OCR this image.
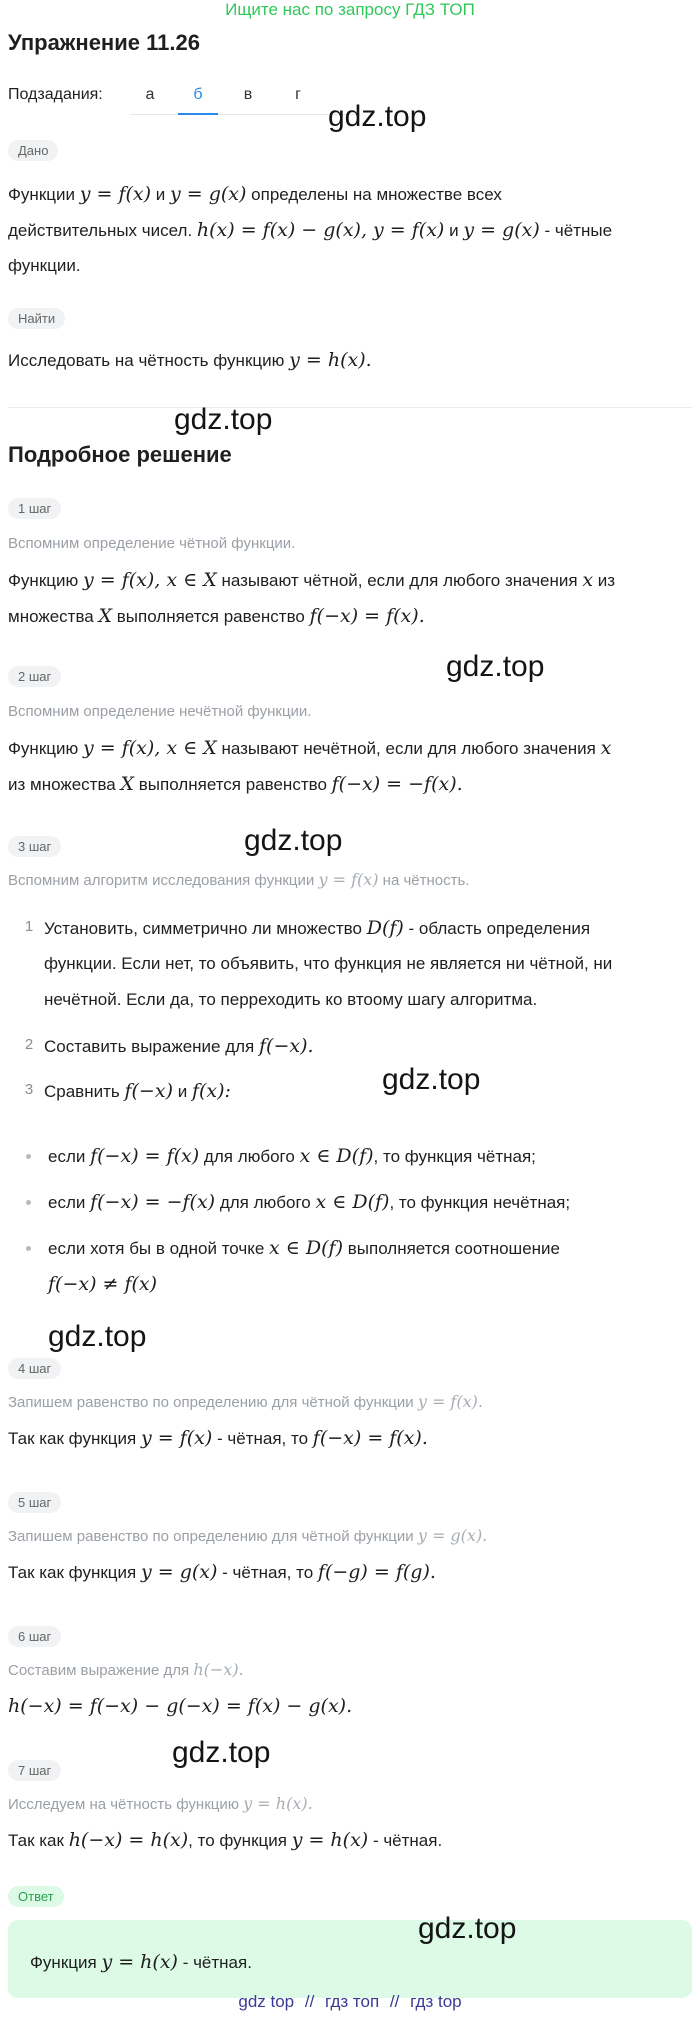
Ищите нас по запросу ГДЗ ТОП
Упражнение 11.26
Подзадания:	а	б	в	г
gdz.top
Дано
Функции y = f(x) и y = g(x) определены на множестве всех
действительных чисел. h(x) = f(x) − g(x), y = f(x) и y = g(x) - чётные
функции.
Найти
Исследовать на чётность функцию y = h(x).
gdz.top
Подробное решение
1 шаг
Вспомним определение чётной функции.
Функцию y = f(x), x ∈ X называют чётной, если для любого значения x из
множества X выполняется равенство f(−x) = f(x).
gdz.top
2 шаг
Вспомним определение нечётной функции.
Функцию y = f(x), x ∈ X называют нечётной, если для любого значения x
из множества X выполняется равенство f(−x) = −f(x).
gdz.top
3 шаг
Вспомним алгоритм исследования функции y = f(x) на чётность.
1 Установить, симметрично ли множество D(f) - область определения
функции. Если нет, то объявить, что функция не является ни чётной, ни
нечётной. Если да, то перреходить ко втоому шагу алгоритма.
2 Составить выражение для f(−x).
gdz.top
3 Сравнить f(−x) и f(x):
если f(−x) = f(x) для любого x ∈ D(f), то функция чётная;
если f(−x) = −f(x) для любого x ∈ D(f), то функция нечётная;
если хотя бы в одной точке x ∈ D(f) выполняется соотношение
f(−x) ≠ f(x)
gdz.top
4 шаг
Запишем равенство по определению для чётной функции y = f(x).
Так как функция y = f(x) - чётная, то f(−x) = f(x).
5 шаг
Запишем равенство по определению для чётной функции y = g(x).
Так как функция y = g(x) - чётная, то f(−g) = f(g).
6 шаг
Составим выражение для h(−x).
h(−x) = f(−x) − g(−x) = f(x) − g(x).
gdz.top
7 шаг
Исследуем на чётность функцию y = h(x).
Так как h(−x) = h(x), то функция y = h(x) - чётная.
Ответ
gdz.top
Функция y = h(x) - чётная.
gdz top // гдз топ // гдз top
